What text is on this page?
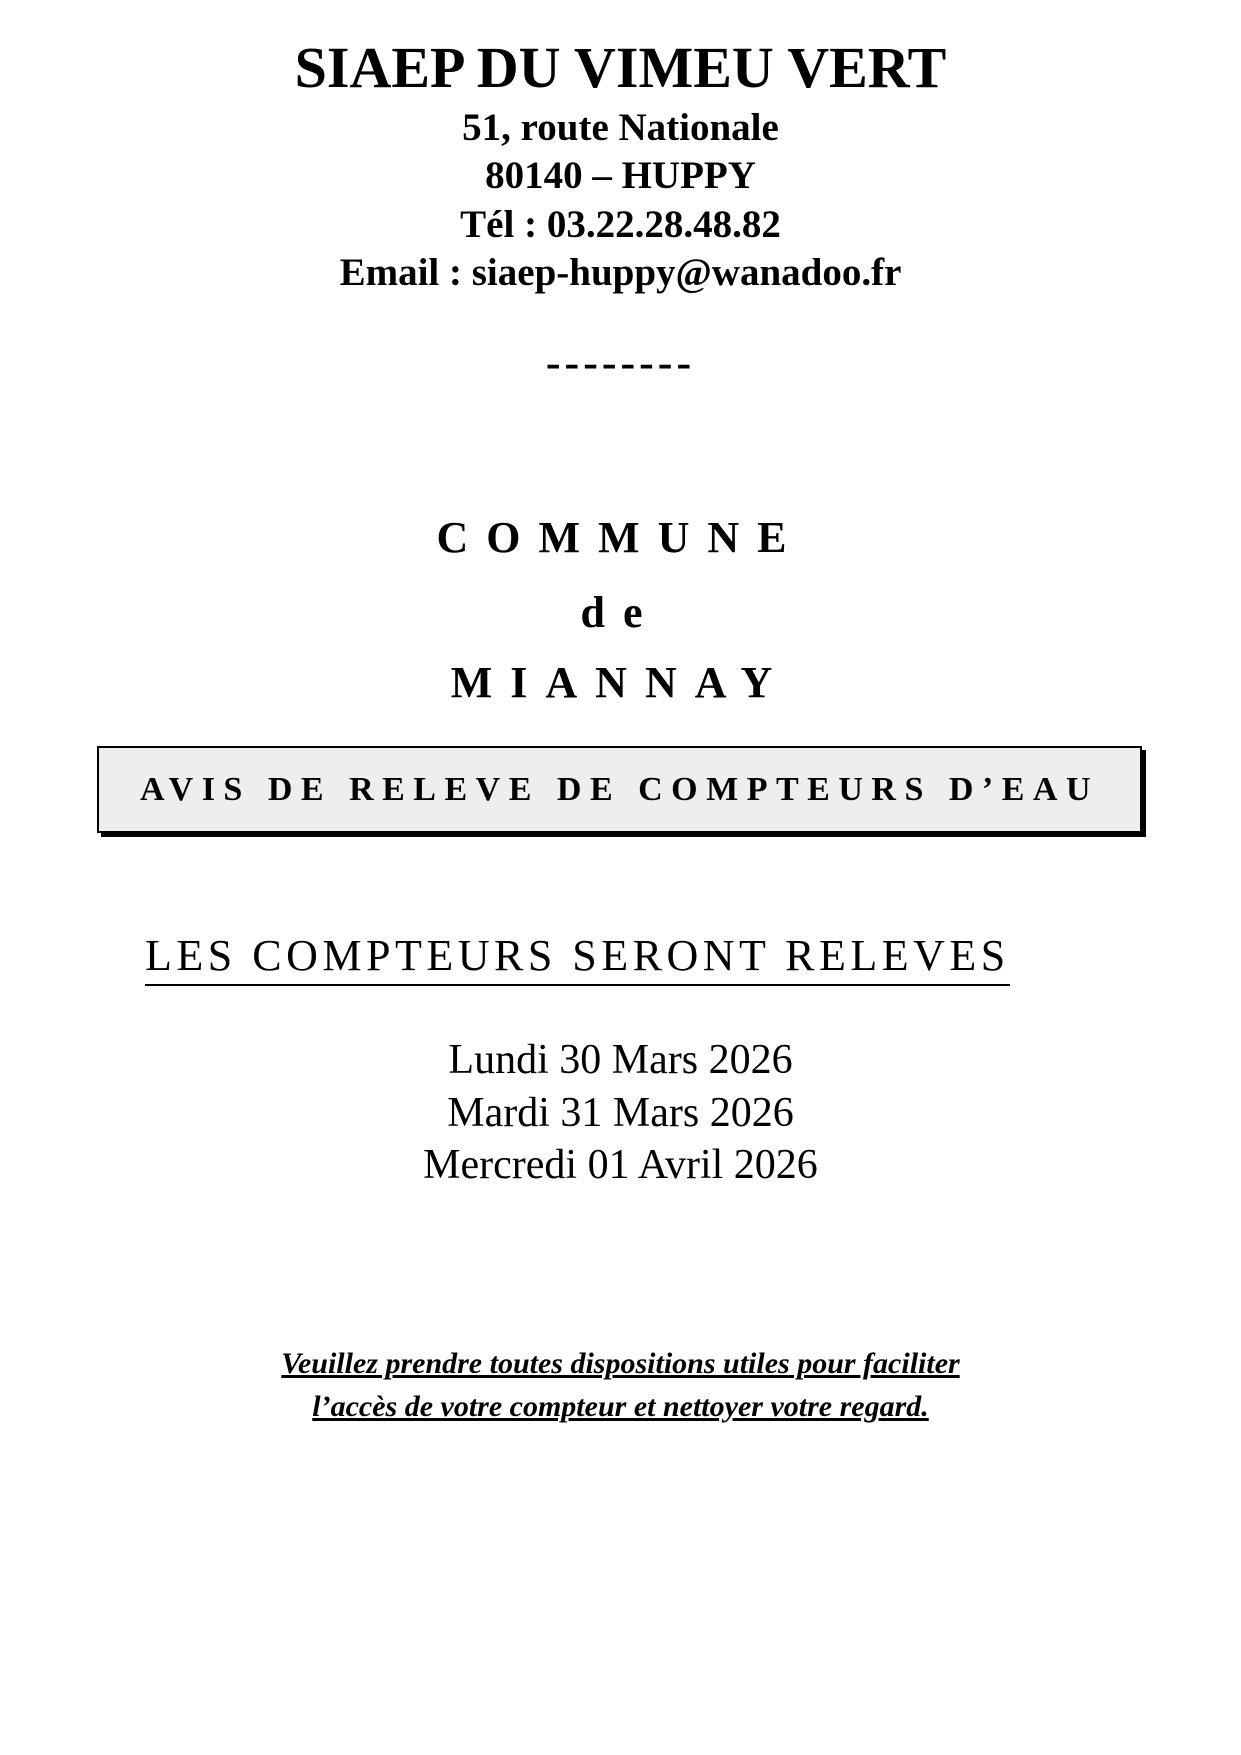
SIAEP DU VIMEU VERT
51, route Nationale
80140 – HUPPY
Tél : 03.22.28.48.82
Email : siaep-huppy@wanadoo.fr
--------
COMMUNE
de
MIANNAY
AVIS DE RELEVE DE COMPTEURS D’EAU
LES COMPTEURS SERONT RELEVES
Lundi 30 Mars 2026
Mardi 31 Mars 2026
Mercredi 01 Avril 2026
Veuillez prendre toutes dispositions utiles pour faciliter
l’accès de votre compteur et nettoyer votre regard.
